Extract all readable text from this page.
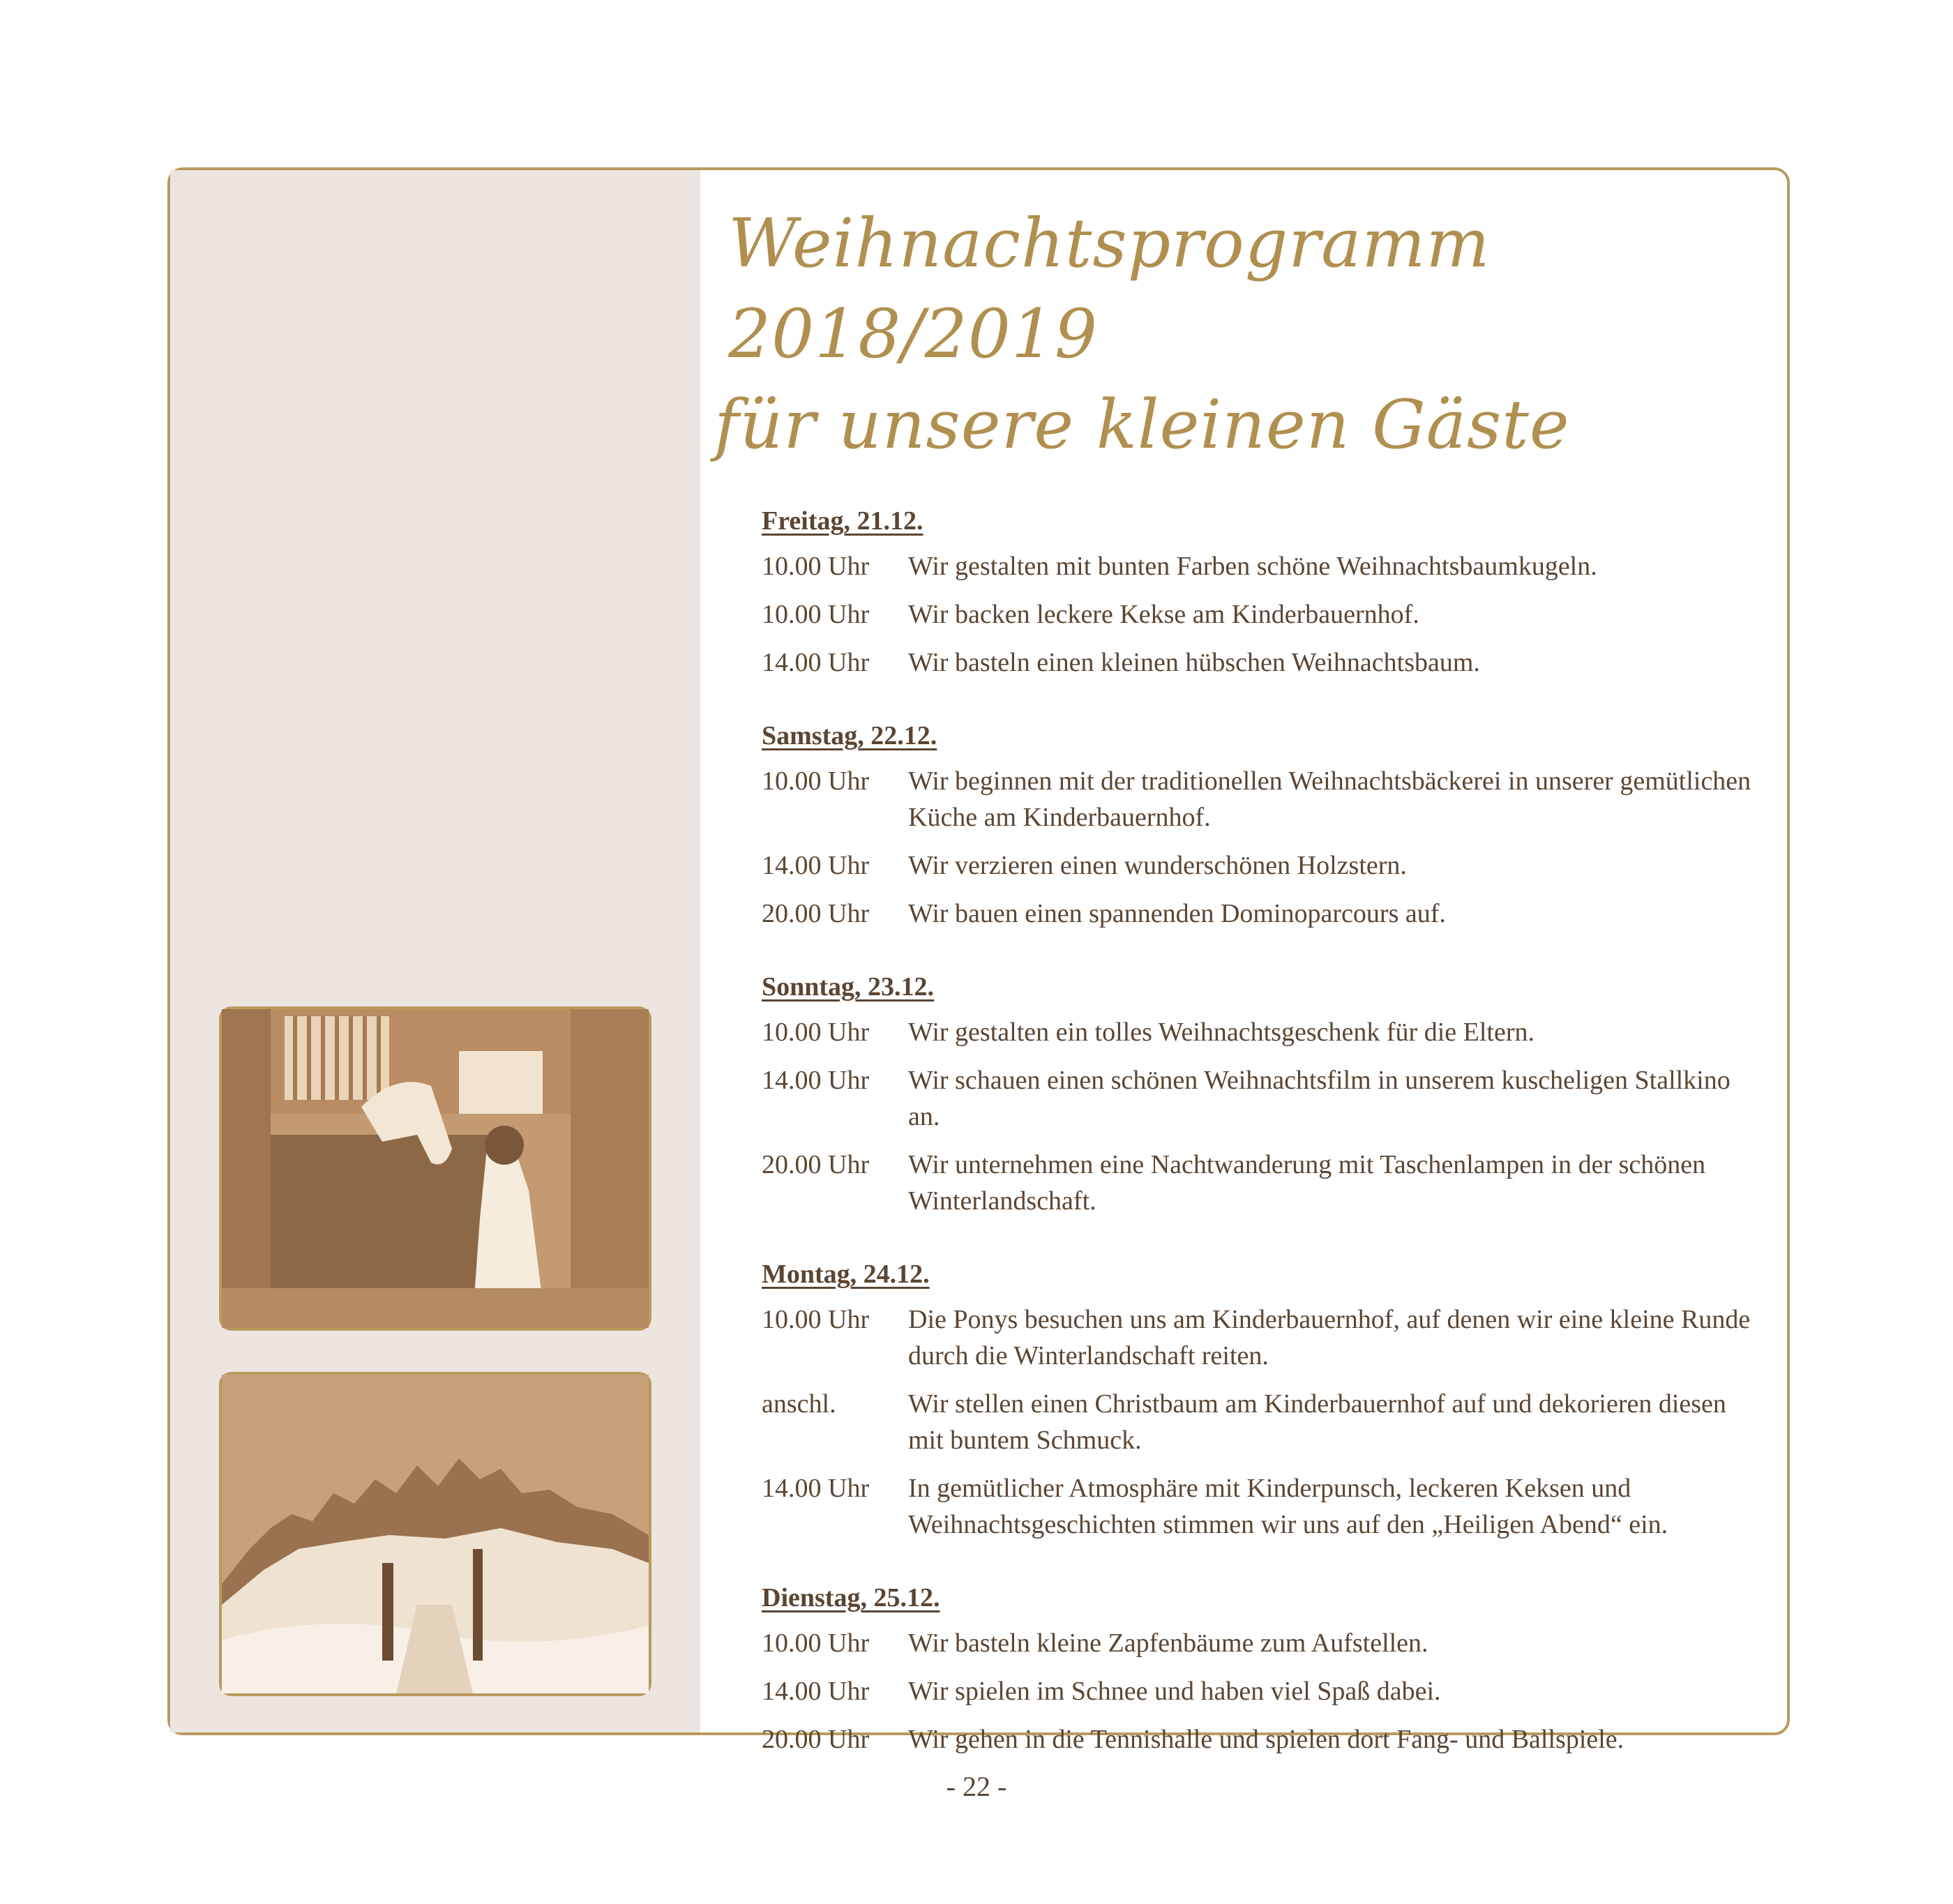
Weihnachtsprogramm 2018/2019
für unsere kleinen Gäste
Freitag, 21.12.
10.00 Uhr	Wir gestalten mit bunten Farben schöne Weihnachtsbaumkugeln.
10.00 Uhr	Wir backen leckere Kekse am Kinderbauernhof.
14.00 Uhr	Wir basteln einen kleinen hübschen Weihnachtsbaum.
Samstag, 22.12.
10.00 Uhr	Wir beginnen mit der traditionellen Weihnachtsbäckerei in unserer gemütlichen Küche am Kinderbauernhof.
14.00 Uhr	Wir verzieren einen wunderschönen Holzstern.
20.00 Uhr	Wir bauen einen spannenden Dominoparcours auf.
Sonntag, 23.12.
10.00 Uhr	Wir gestalten ein tolles Weihnachtsgeschenk für die Eltern.
14.00 Uhr	Wir schauen einen schönen Weihnachtsfilm in unserem kuscheligen Stallkino an.
20.00 Uhr	Wir unternehmen eine Nachtwanderung mit Taschenlampen in der schönen Winterlandschaft.
Montag, 24.12.
10.00 Uhr	Die Ponys besuchen uns am Kinderbauernhof, auf denen wir eine kleine Runde durch die Winterlandschaft reiten.
anschl.	Wir stellen einen Christbaum am Kinderbauernhof auf und dekorieren diesen mit buntem Schmuck.
14.00 Uhr	In gemütlicher Atmosphäre mit Kinderpunsch, leckeren Keksen und Weihnachtsgeschichten stimmen wir uns auf den „Heiligen Abend“ ein.
Dienstag, 25.12.
10.00 Uhr	Wir basteln kleine Zapfenbäume zum Aufstellen.
14.00 Uhr	Wir spielen im Schnee und haben viel Spaß dabei.
20.00 Uhr	Wir gehen in die Tennishalle und spielen dort Fang- und Ballspiele.
- 22 -
